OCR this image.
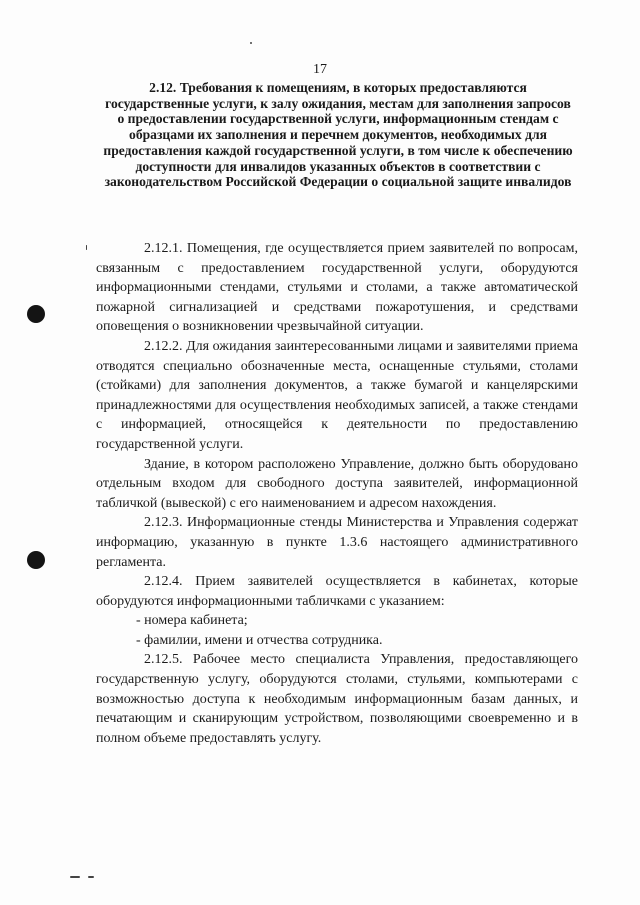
17
2.12. Требования к помещениям, в которых предоставляются государственные услуги, к залу ожидания, местам для заполнения запросов о предоставлении государственной услуги, информационным стендам с образцами их заполнения и перечнем документов, необходимых для предоставления каждой государственной услуги, в том числе к обеспечению доступности для инвалидов указанных объектов в соответствии с законодательством Российской Федерации о социальной защите инвалидов

2.12.1. Помещения, где осуществляется прием заявителей по вопросам, связанным с предоставлением государственной услуги, оборудуются информационными стендами, стульями и столами, а также автоматической пожарной сигнализацией и средствами пожаротушения, и средствами оповещения о возникновении чрезвычайной ситуации.

2.12.2. Для ожидания заинтересованными лицами и заявителями приема отводятся специально обозначенные места, оснащенные стульями, столами (стойками) для заполнения документов, а также бумагой и канцелярскими принадлежностями для осуществления необходимых записей, а также стендами с информацией, относящейся к деятельности по предоставлению государственной услуги.

Здание, в котором расположено Управление, должно быть оборудовано отдельным входом для свободного доступа заявителей, информационной табличкой (вывеской) с его наименованием и адресом нахождения.

2.12.3. Информационные стенды Министерства и Управления содержат информацию, указанную в пункте 1.3.6 настоящего административного регламента.

2.12.4. Прием заявителей осуществляется в кабинетах, которые оборудуются информационными табличками с указанием:

- номера кабинета;

- фамилии, имени и отчества сотрудника.

2.12.5. Рабочее место специалиста Управления, предоставляющего государственную услугу, оборудуются столами, стульями, компьютерами с возможностью доступа к необходимым информационным базам данных, и печатающим и сканирующим устройством, позволяющими своевременно и в полном объеме предоставлять услугу.
